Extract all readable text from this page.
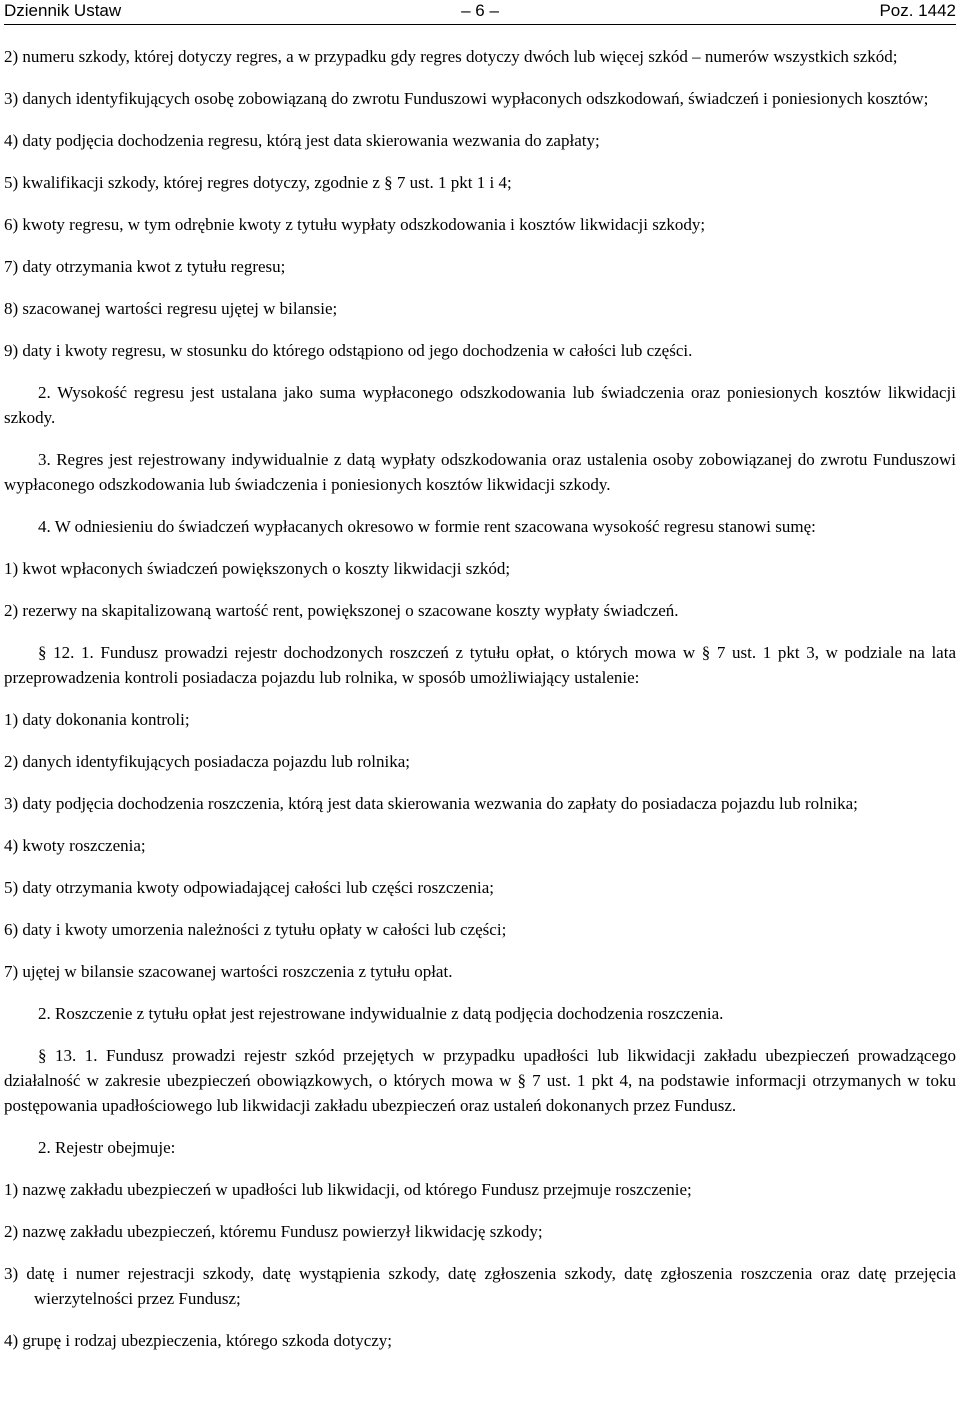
Dziennik Ustaw	– 6 –	Poz. 1442

2) numeru szkody, której dotyczy regres, a w przypadku gdy regres dotyczy dwóch lub więcej szkód – numerów wszystkich szkód;

3) danych identyfikujących osobę zobowiązaną do zwrotu Funduszowi wypłaconych odszkodowań, świadczeń i poniesionych kosztów;

4) daty podjęcia dochodzenia regresu, którą jest data skierowania wezwania do zapłaty;

5) kwalifikacji szkody, której regres dotyczy, zgodnie z § 7 ust. 1 pkt 1 i 4;

6) kwoty regresu, w tym odrębnie kwoty z tytułu wypłaty odszkodowania i kosztów likwidacji szkody;

7) daty otrzymania kwot z tytułu regresu;

8) szacowanej wartości regresu ujętej w bilansie;

9) daty i kwoty regresu, w stosunku do którego odstąpiono od jego dochodzenia w całości lub części.

2. Wysokość regresu jest ustalana jako suma wypłaconego odszkodowania lub świadczenia oraz poniesionych kosztów likwidacji szkody.

3. Regres jest rejestrowany indywidualnie z datą wypłaty odszkodowania oraz ustalenia osoby zobowiązanej do zwrotu Funduszowi wypłaconego odszkodowania lub świadczenia i poniesionych kosztów likwidacji szkody.

4. W odniesieniu do świadczeń wypłacanych okresowo w formie rent szacowana wysokość regresu stanowi sumę:

1) kwot wpłaconych świadczeń powiększonych o koszty likwidacji szkód;

2) rezerwy na skapitalizowaną wartość rent, powiększonej o szacowane koszty wypłaty świadczeń.

§ 12. 1. Fundusz prowadzi rejestr dochodzonych roszczeń z tytułu opłat, o których mowa w § 7 ust. 1 pkt 3, w podziale na lata przeprowadzenia kontroli posiadacza pojazdu lub rolnika, w sposób umożliwiający ustalenie:

1) daty dokonania kontroli;

2) danych identyfikujących posiadacza pojazdu lub rolnika;

3) daty podjęcia dochodzenia roszczenia, którą jest data skierowania wezwania do zapłaty do posiadacza pojazdu lub rolnika;

4) kwoty roszczenia;

5) daty otrzymania kwoty odpowiadającej całości lub części roszczenia;

6) daty i kwoty umorzenia należności z tytułu opłaty w całości lub części;

7) ujętej w bilansie szacowanej wartości roszczenia z tytułu opłat.

2. Roszczenie z tytułu opłat jest rejestrowane indywidualnie z datą podjęcia dochodzenia roszczenia.

§ 13. 1. Fundusz prowadzi rejestr szkód przejętych w przypadku upadłości lub likwidacji zakładu ubezpieczeń prowadzącego działalność w zakresie ubezpieczeń obowiązkowych, o których mowa w § 7 ust. 1 pkt 4, na podstawie informacji otrzymanych w toku postępowania upadłościowego lub likwidacji zakładu ubezpieczeń oraz ustaleń dokonanych przez Fundusz.

2. Rejestr obejmuje:

1) nazwę zakładu ubezpieczeń w upadłości lub likwidacji, od którego Fundusz przejmuje roszczenie;

2) nazwę zakładu ubezpieczeń, któremu Fundusz powierzył likwidację szkody;

3) datę i numer rejestracji szkody, datę wystąpienia szkody, datę zgłoszenia szkody, datę zgłoszenia roszczenia oraz datę przejęcia wierzytelności przez Fundusz;

4) grupę i rodzaj ubezpieczenia, którego szkoda dotyczy;
